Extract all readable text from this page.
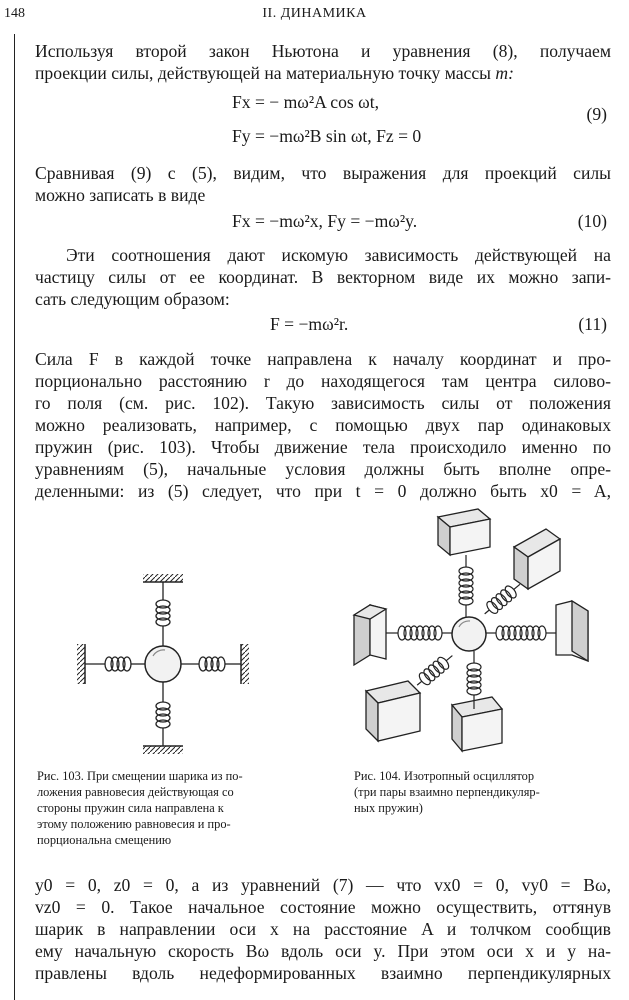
148	II. ДИНАМИКА
Используя второй закон Ньютона и уравнения (8), получаем
проекции силы, действующей на материальную точку массы m:
Fx = − mω²A cos ωt,
Fy = −mω²B sin ωt, Fz = 0
(9)
Сравнивая (9) с (5), видим, что выражения для проекций силы
можно записать в виде
Fx = −mω²x, Fy = −mω²y.	(10)
Эти соотношения дают искомую зависимость действующей на
частицу силы от ее координат. В векторном виде их можно запи-
сать следующим образом:
F = −mω²r.	(11)
Сила F в каждой точке направлена к началу координат и про-
порционально расстоянию r до находящегося там центра силово-
го поля (см. рис. 102). Такую зависимость силы от положения
можно реализовать, например, с помощью двух пар одинаковых
пружин (рис. 103). Чтобы движение тела происходило именно по
уравнениям (5), начальные условия должны быть вполне опре-
деленными: из (5) следует, что при t = 0 должно быть x0 = A,
Рис. 103. При смещении шарика из по-
ложения равновесия действующая со
стороны пружин сила направлена к
этому положению равновесия и про-
порциональна смещению
Рис. 104. Изотропный осциллятор
(три пары взаимно перпендикуляр-
ных пружин)
y0 = 0, z0 = 0, а из уравнений (7) — что vx0 = 0, vy0 = Bω,
vz0 = 0. Такое начальное состояние можно осуществить, оттянув
шарик в направлении оси x на расстояние A и толчком сообщив
ему начальную скорость Bω вдоль оси y. При этом оси x и y на-
правлены вдоль недеформированных взаимно перпендикулярных
